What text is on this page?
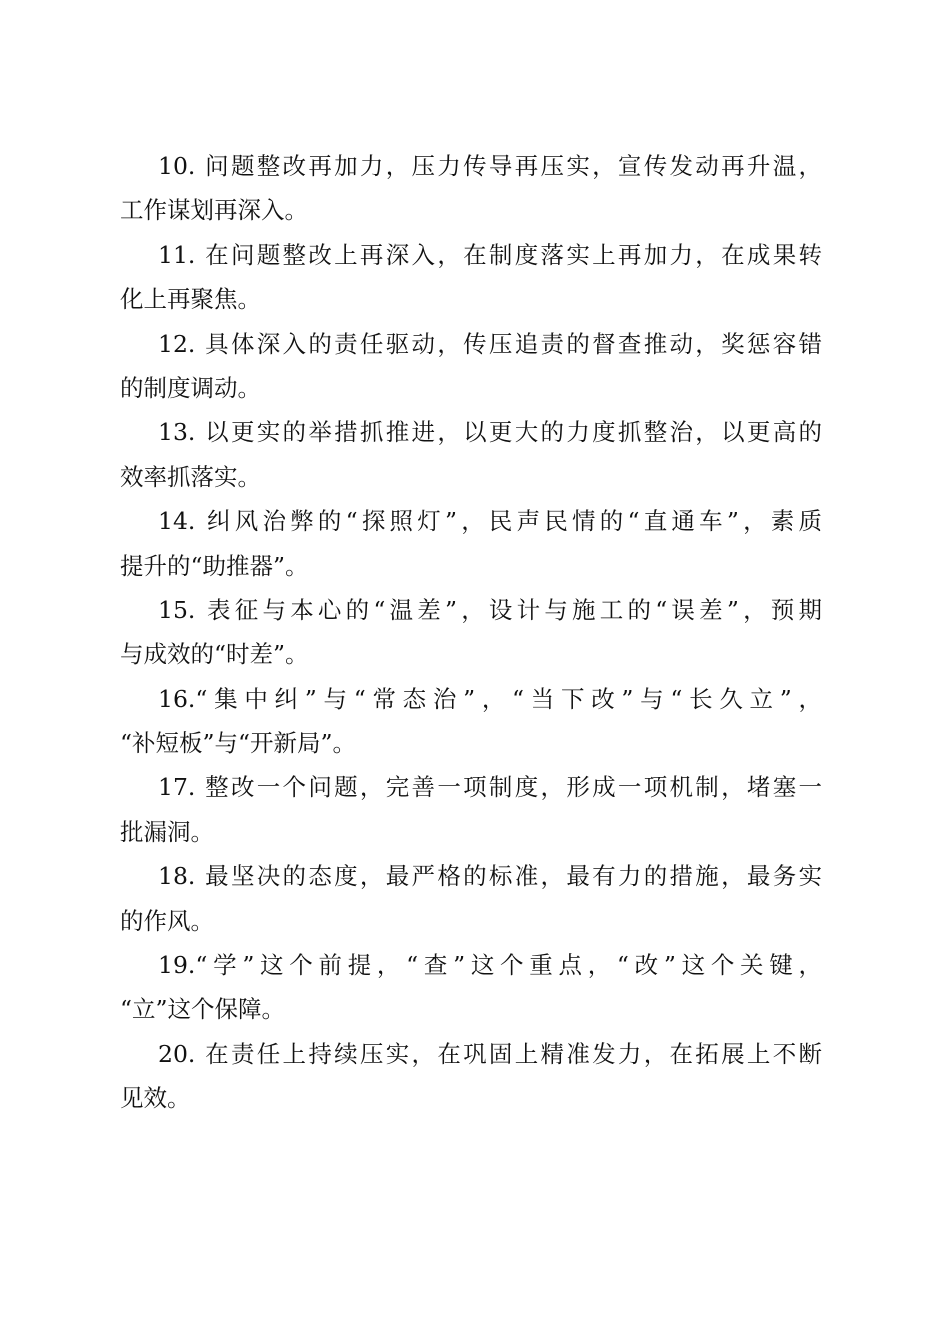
10. 问题整改再加力，压力传导再压实，宣传发动再升温，
工作谋划再深入。
11. 在问题整改上再深入，在制度落实上再加力，在成果转
化上再聚焦。
12. 具体深入的责任驱动，传压追责的督查推动，奖惩容错
的制度调动。
13. 以更实的举措抓推进，以更大的力度抓整治，以更高的
效率抓落实。
14. 纠风治弊的“探照灯”，民声民情的“直通车”，素质
提升的“助推器”。
15. 表征与本心的“温差”，设计与施工的“误差”，预期
与成效的“时差”。
16.“集中纠”与“常态治”，“当下改”与“长久立”，
“补短板”与“开新局”。
17. 整改一个问题，完善一项制度，形成一项机制，堵塞一
批漏洞。
18. 最坚决的态度，最严格的标准，最有力的措施，最务实
的作风。
19.“学”这个前提，“查”这个重点，“改”这个关键，
“立”这个保障。
20. 在责任上持续压实，在巩固上精准发力，在拓展上不断
见效。
